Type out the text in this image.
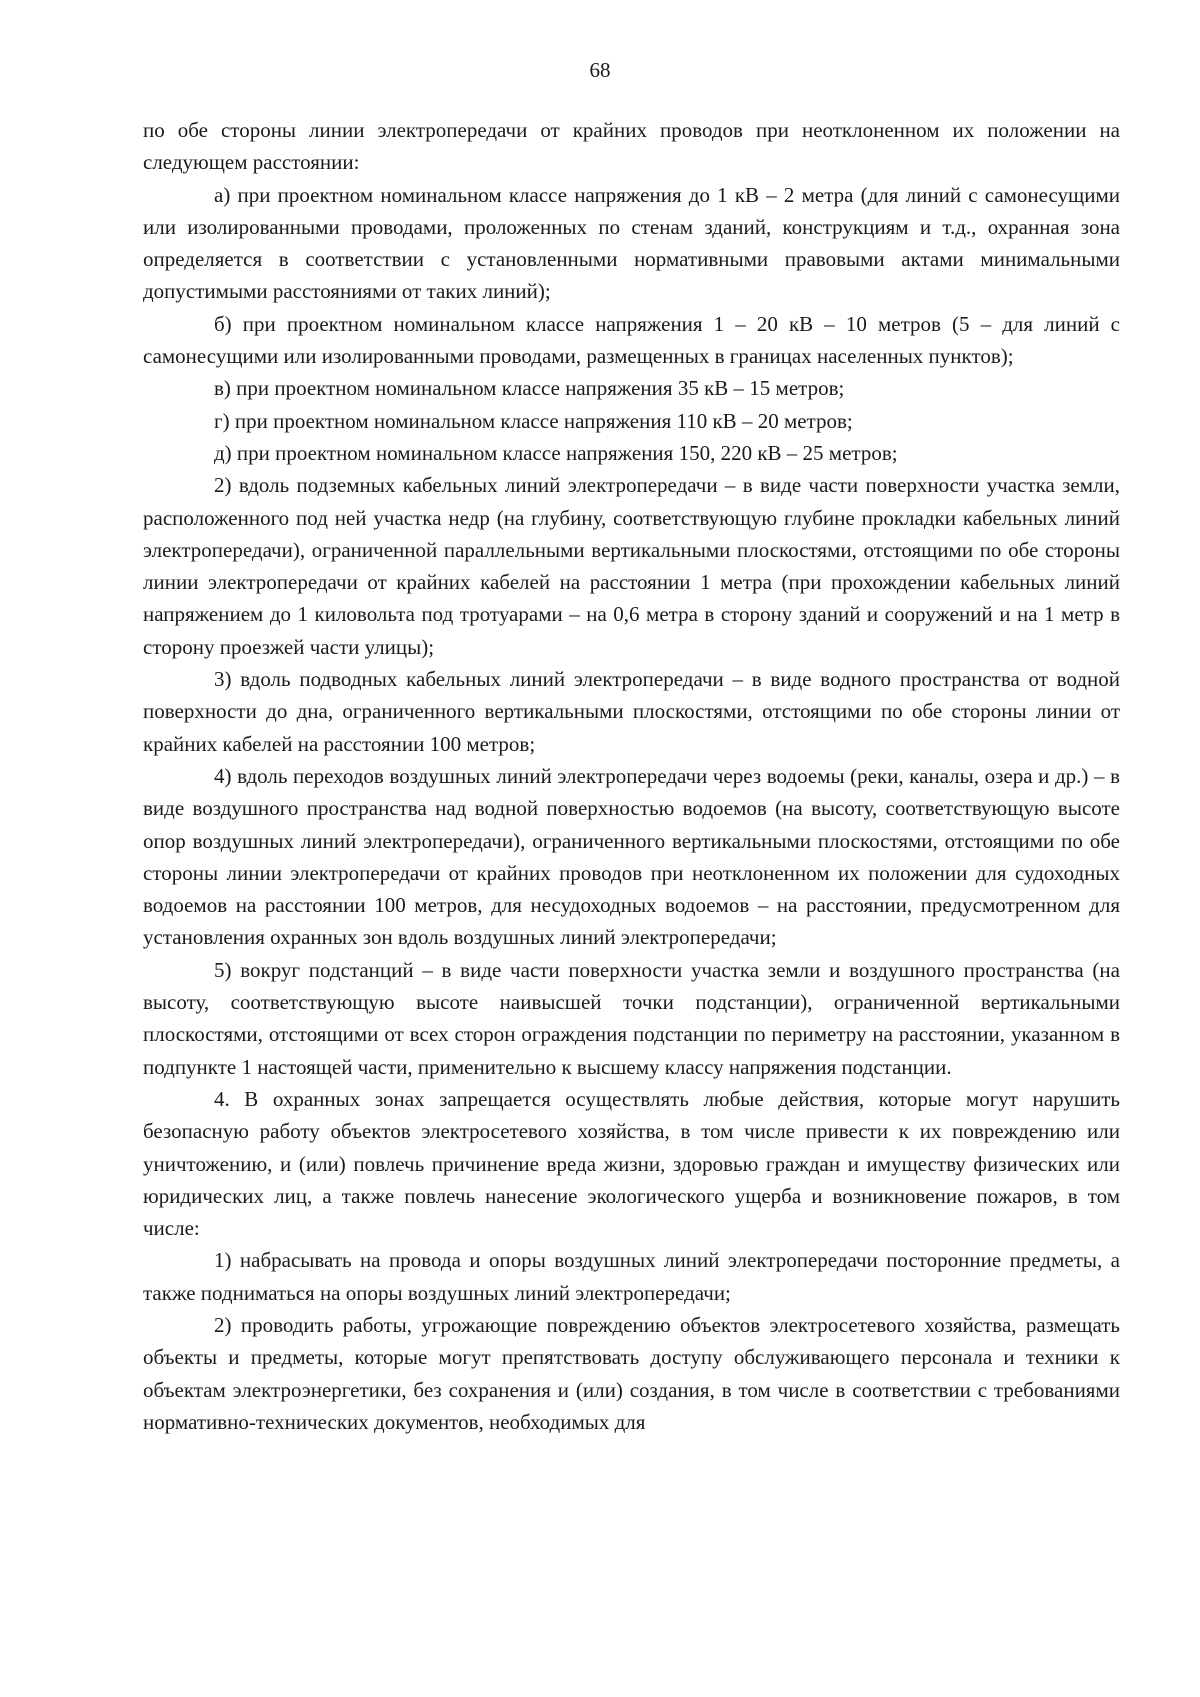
68

по обе стороны линии электропередачи от крайних проводов при неотклоненном их положении на следующем расстоянии:

а) при проектном номинальном классе напряжения до 1 кВ – 2 метра (для линий с самонесущими или изолированными проводами, проложенных по стенам зданий, конструкциям и т.д., охранная зона определяется в соответствии с установленными нормативными правовыми актами минимальными допустимыми расстояниями от таких линий);

б) при проектном номинальном классе напряжения 1 – 20 кВ – 10 метров (5 – для линий с самонесущими или изолированными проводами, размещенных в границах населенных пунктов);

в) при проектном номинальном классе напряжения 35 кВ – 15 метров;

г) при проектном номинальном классе напряжения 110 кВ – 20 метров;

д) при проектном номинальном классе напряжения 150, 220 кВ – 25 метров;

2) вдоль подземных кабельных линий электропередачи – в виде части поверхности участка земли, расположенного под ней участка недр (на глубину, соответствующую глубине прокладки кабельных линий электропередачи), ограниченной параллельными вертикальными плоскостями, отстоящими по обе стороны линии электропередачи от крайних кабелей на расстоянии 1 метра (при прохождении кабельных линий напряжением до 1 киловольта под тротуарами – на 0,6 метра в сторону зданий и сооружений и на 1 метр в сторону проезжей части улицы);

3) вдоль подводных кабельных линий электропередачи – в виде водного пространства от водной поверхности до дна, ограниченного вертикальными плоскостями, отстоящими по обе стороны линии от крайних кабелей на расстоянии 100 метров;

4) вдоль переходов воздушных линий электропередачи через водоемы (реки, каналы, озера и др.) – в виде воздушного пространства над водной поверхностью водоемов (на высоту, соответствующую высоте опор воздушных линий электропередачи), ограниченного вертикальными плоскостями, отстоящими по обе стороны линии электропередачи от крайних проводов при неотклоненном их положении для судоходных водоемов на расстоянии 100 метров, для несудоходных водоемов – на расстоянии, предусмотренном для установления охранных зон вдоль воздушных линий электропередачи;

5) вокруг подстанций – в виде части поверхности участка земли и воздушного пространства (на высоту, соответствующую высоте наивысшей точки подстанции), ограниченной вертикальными плоскостями, отстоящими от всех сторон ограждения подстанции по периметру на расстоянии, указанном в подпункте 1 настоящей части, применительно к высшему классу напряжения подстанции.

4. В охранных зонах запрещается осуществлять любые действия, которые могут нарушить безопасную работу объектов электросетевого хозяйства, в том числе привести к их повреждению или уничтожению, и (или) повлечь причинение вреда жизни, здоровью граждан и имуществу физических или юридических лиц, а также повлечь нанесение экологического ущерба и возникновение пожаров, в том числе:

1) набрасывать на провода и опоры воздушных линий электропередачи посторонние предметы, а также подниматься на опоры воздушных линий электропередачи;

2) проводить работы, угрожающие повреждению объектов электросетевого хозяйства, размещать объекты и предметы, которые могут препятствовать доступу обслуживающего персонала и техники к объектам электроэнергетики, без сохранения и (или) создания, в том числе в соответствии с требованиями нормативно-технических документов, необходимых для
